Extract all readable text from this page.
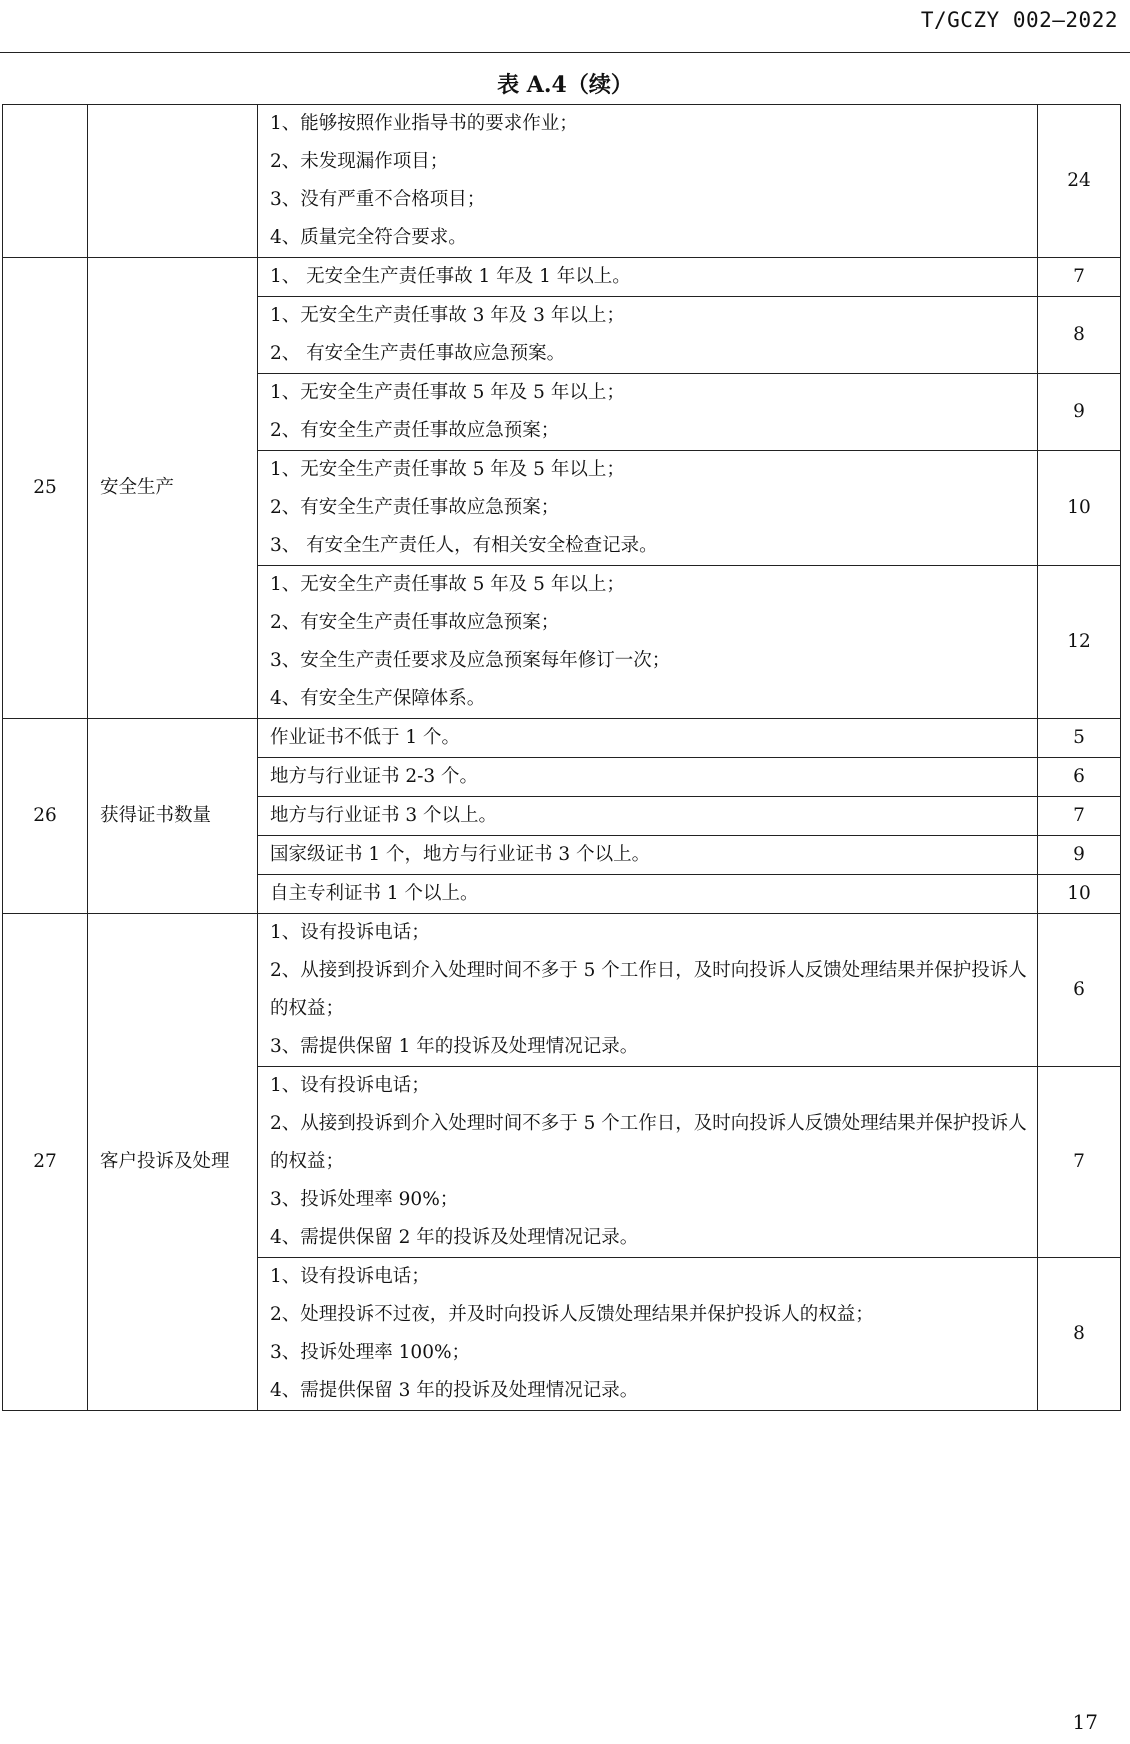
T/GCZY 002—2022
表 A.4（续）

		1、能够按照作业指导书的要求作业；

2、未发现漏作项目；

3、没有严重不合格项目；

4、质量完全符合要求。	24
25	安全生产	1、 无安全生产责任事故 1 年及 1 年以上。	7

		1、无安全生产责任事故 3 年及 3 年以上；

2、 有安全生产责任事故应急预案。	8

		1、无安全生产责任事故 5 年及 5 年以上；

2、有安全生产责任事故应急预案；	9

		1、无安全生产责任事故 5 年及 5 年以上；

2、有安全生产责任事故应急预案；

3、 有安全生产责任人，有相关安全检查记录。	10

		1、无安全生产责任事故 5 年及 5 年以上；

2、有安全生产责任事故应急预案；

3、安全生产责任要求及应急预案每年修订一次；

4、有安全生产保障体系。	12
26	获得证书数量	作业证书不低于 1 个。	5

		地方与行业证书 2-3 个。	6

		地方与行业证书 3 个以上。	7

		国家级证书 1 个，地方与行业证书 3 个以上。	9

		自主专利证书 1 个以上。	10
27	客户投诉及处理	1、设有投诉电话；

2、从接到投诉到介入处理时间不多于 5 个工作日，及时向投诉人反馈处理结果并保护投诉人的权益；

3、需提供保留 1 年的投诉及处理情况记录。	6

		1、设有投诉电话；

2、从接到投诉到介入处理时间不多于 5 个工作日，及时向投诉人反馈处理结果并保护投诉人的权益；

3、投诉处理率 90%；

4、需提供保留 2 年的投诉及处理情况记录。	7

		1、设有投诉电话；

2、处理投诉不过夜，并及时向投诉人反馈处理结果并保护投诉人的权益；

3、投诉处理率 100%；

4、需提供保留 3 年的投诉及处理情况记录。	8
17
